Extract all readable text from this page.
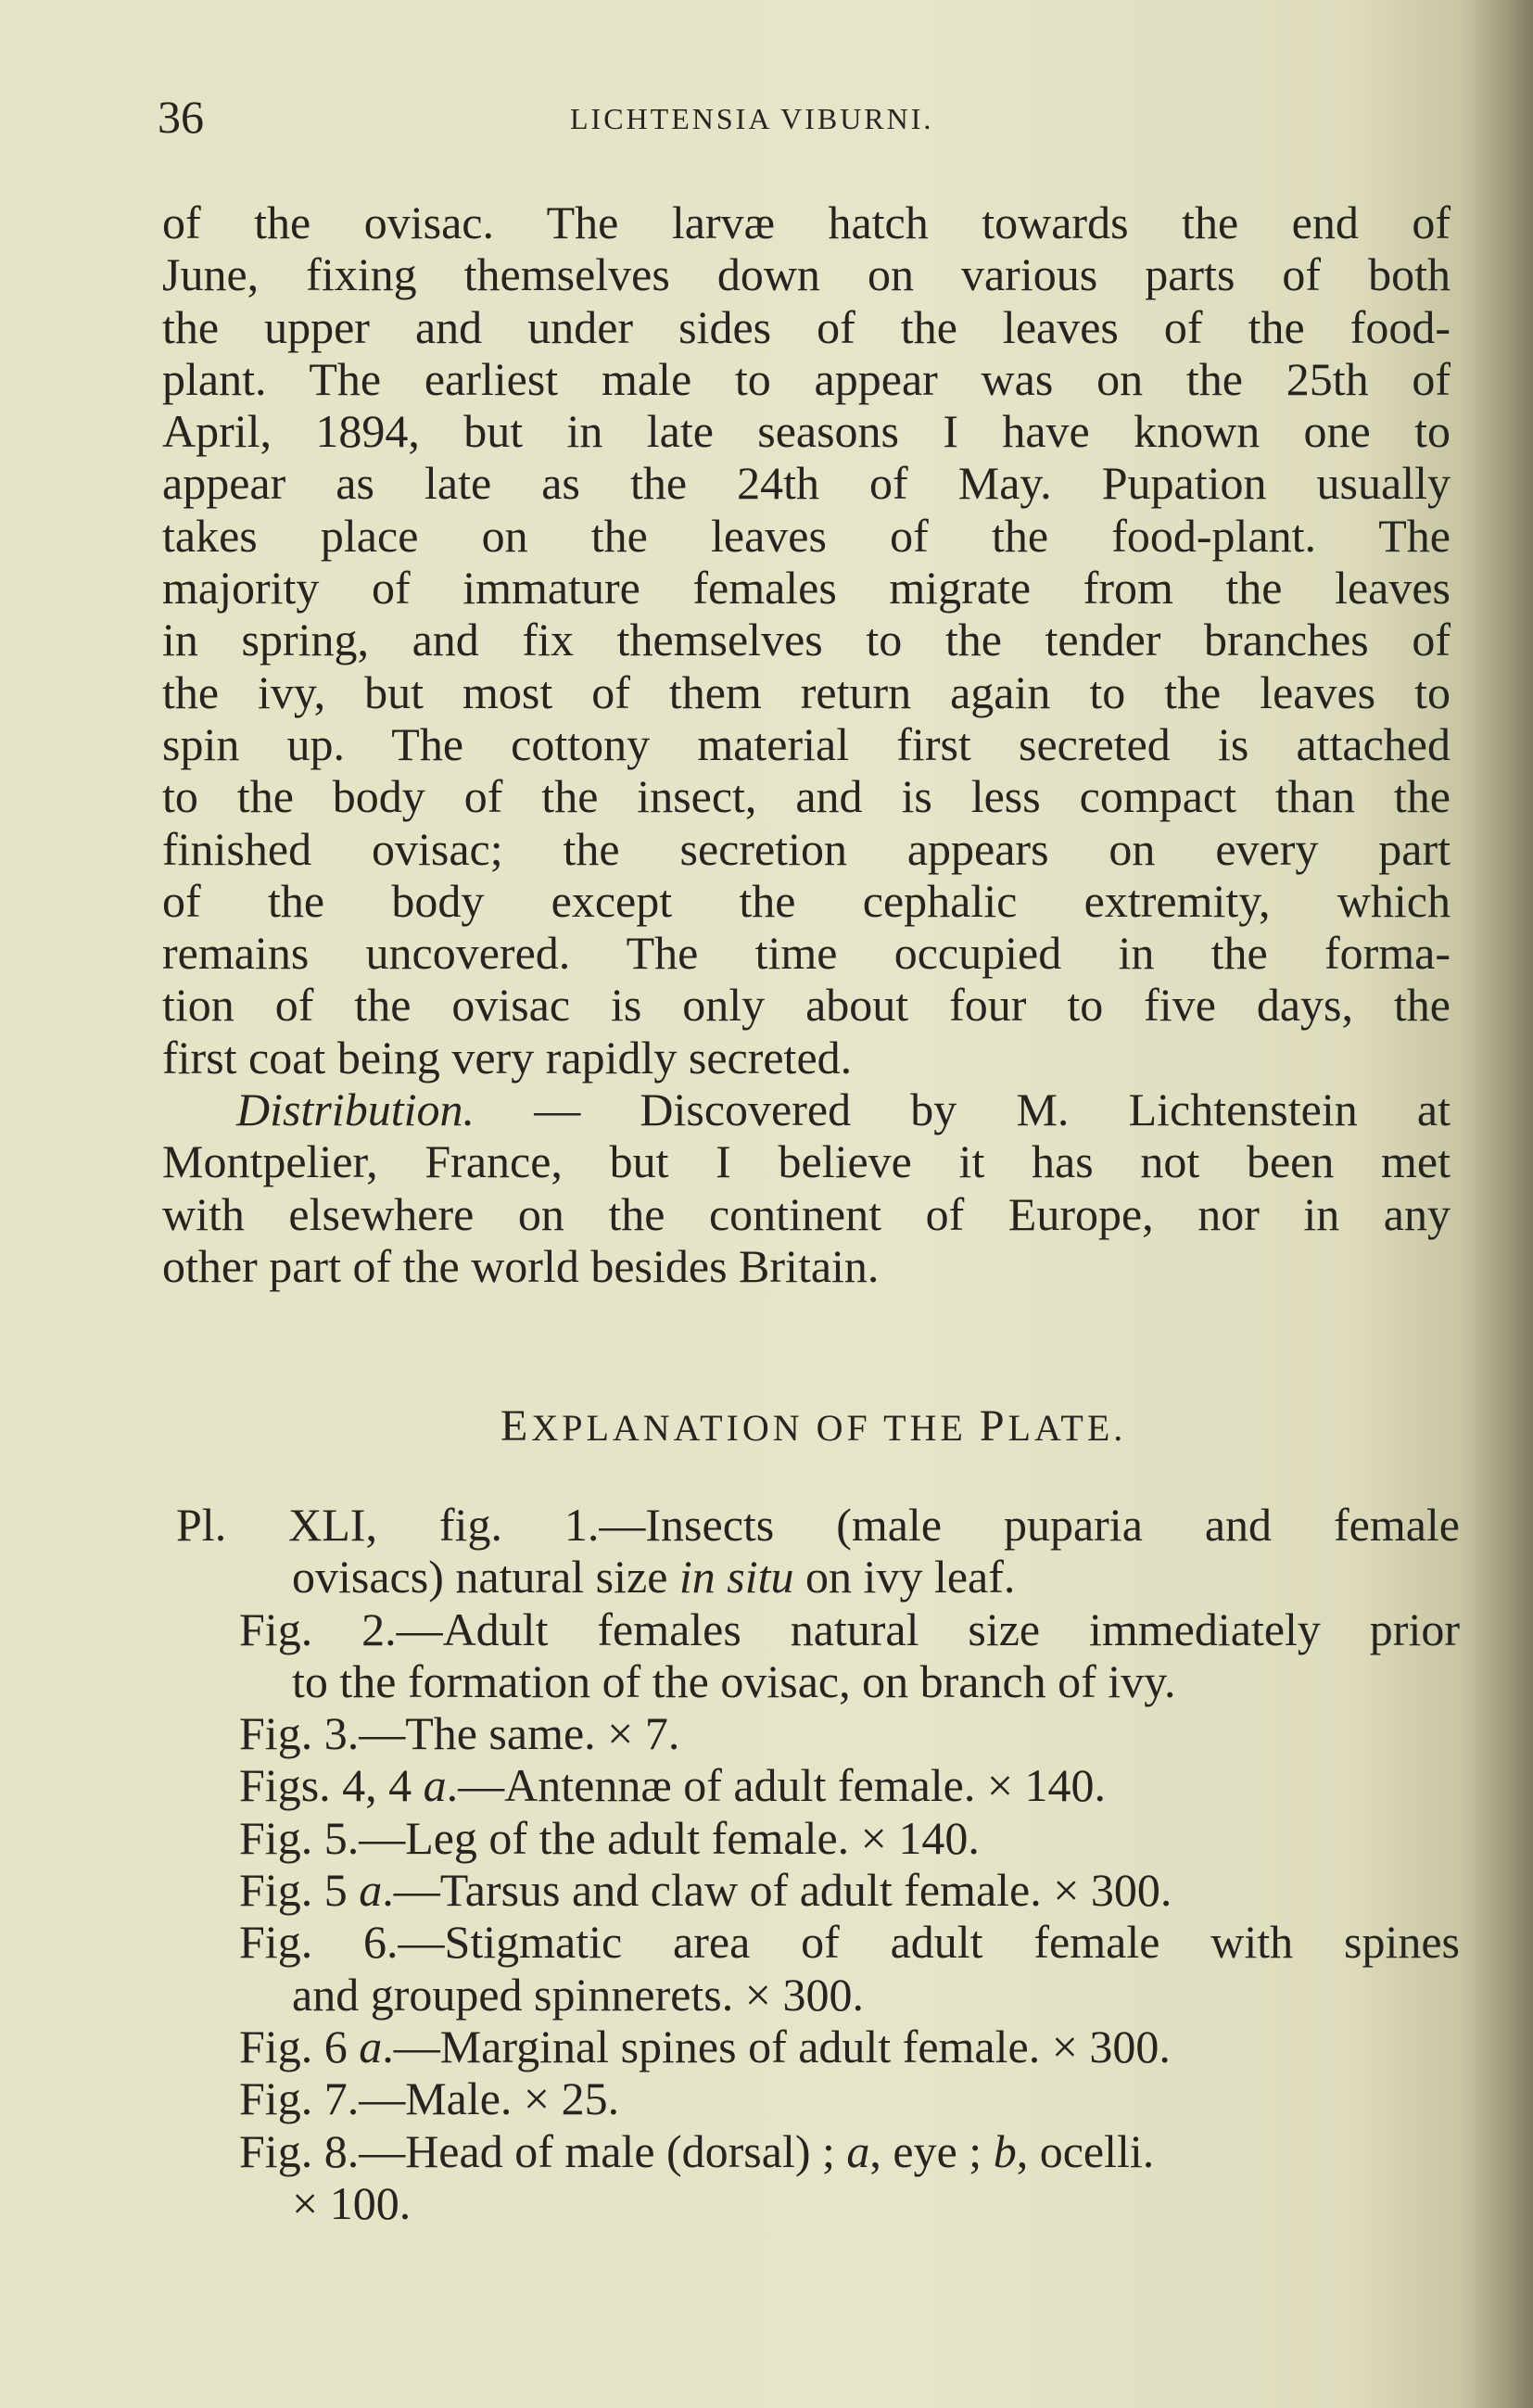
36	LICHTENSIA VIBURNI.
of the ovisac. The larvæ hatch towards the end of
June, fixing themselves down on various parts of both
the upper and under sides of the leaves of the food-
plant. The earliest male to appear was on the 25th of
April, 1894, but in late seasons I have known one to
appear as late as the 24th of May. Pupation usually
takes place on the leaves of the food-plant. The
majority of immature females migrate from the leaves
in spring, and fix themselves to the tender branches of
the ivy, but most of them return again to the leaves to
spin up. The cottony material first secreted is attached
to the body of the insect, and is less compact than the
finished ovisac; the secretion appears on every part
of the body except the cephalic extremity, which
remains uncovered. The time occupied in the forma-
tion of the ovisac is only about four to five days, the
first coat being very rapidly secreted.
Distribution. — Discovered by M. Lichtenstein at
Montpelier, France, but I believe it has not been met
with elsewhere on the continent of Europe, nor in any
other part of the world besides Britain.
EXPLANATION OF THE PLATE.
Pl. XLI, fig. 1.—Insects (male puparia and female
ovisacs) natural size in situ on ivy leaf.
Fig. 2.—Adult females natural size immediately prior
to the formation of the ovisac, on branch of ivy.
Fig. 3.—The same. × 7.
Figs. 4, 4 a.—Antennæ of adult female. × 140.
Fig. 5.—Leg of the adult female. × 140.
Fig. 5 a.—Tarsus and claw of adult female. × 300.
Fig. 6.—Stigmatic area of adult female with spines
and grouped spinnerets. × 300.
Fig. 6 a.—Marginal spines of adult female. × 300.
Fig. 7.—Male. × 25.
Fig. 8.—Head of male (dorsal) ; a, eye ; b, ocelli.
× 100.
